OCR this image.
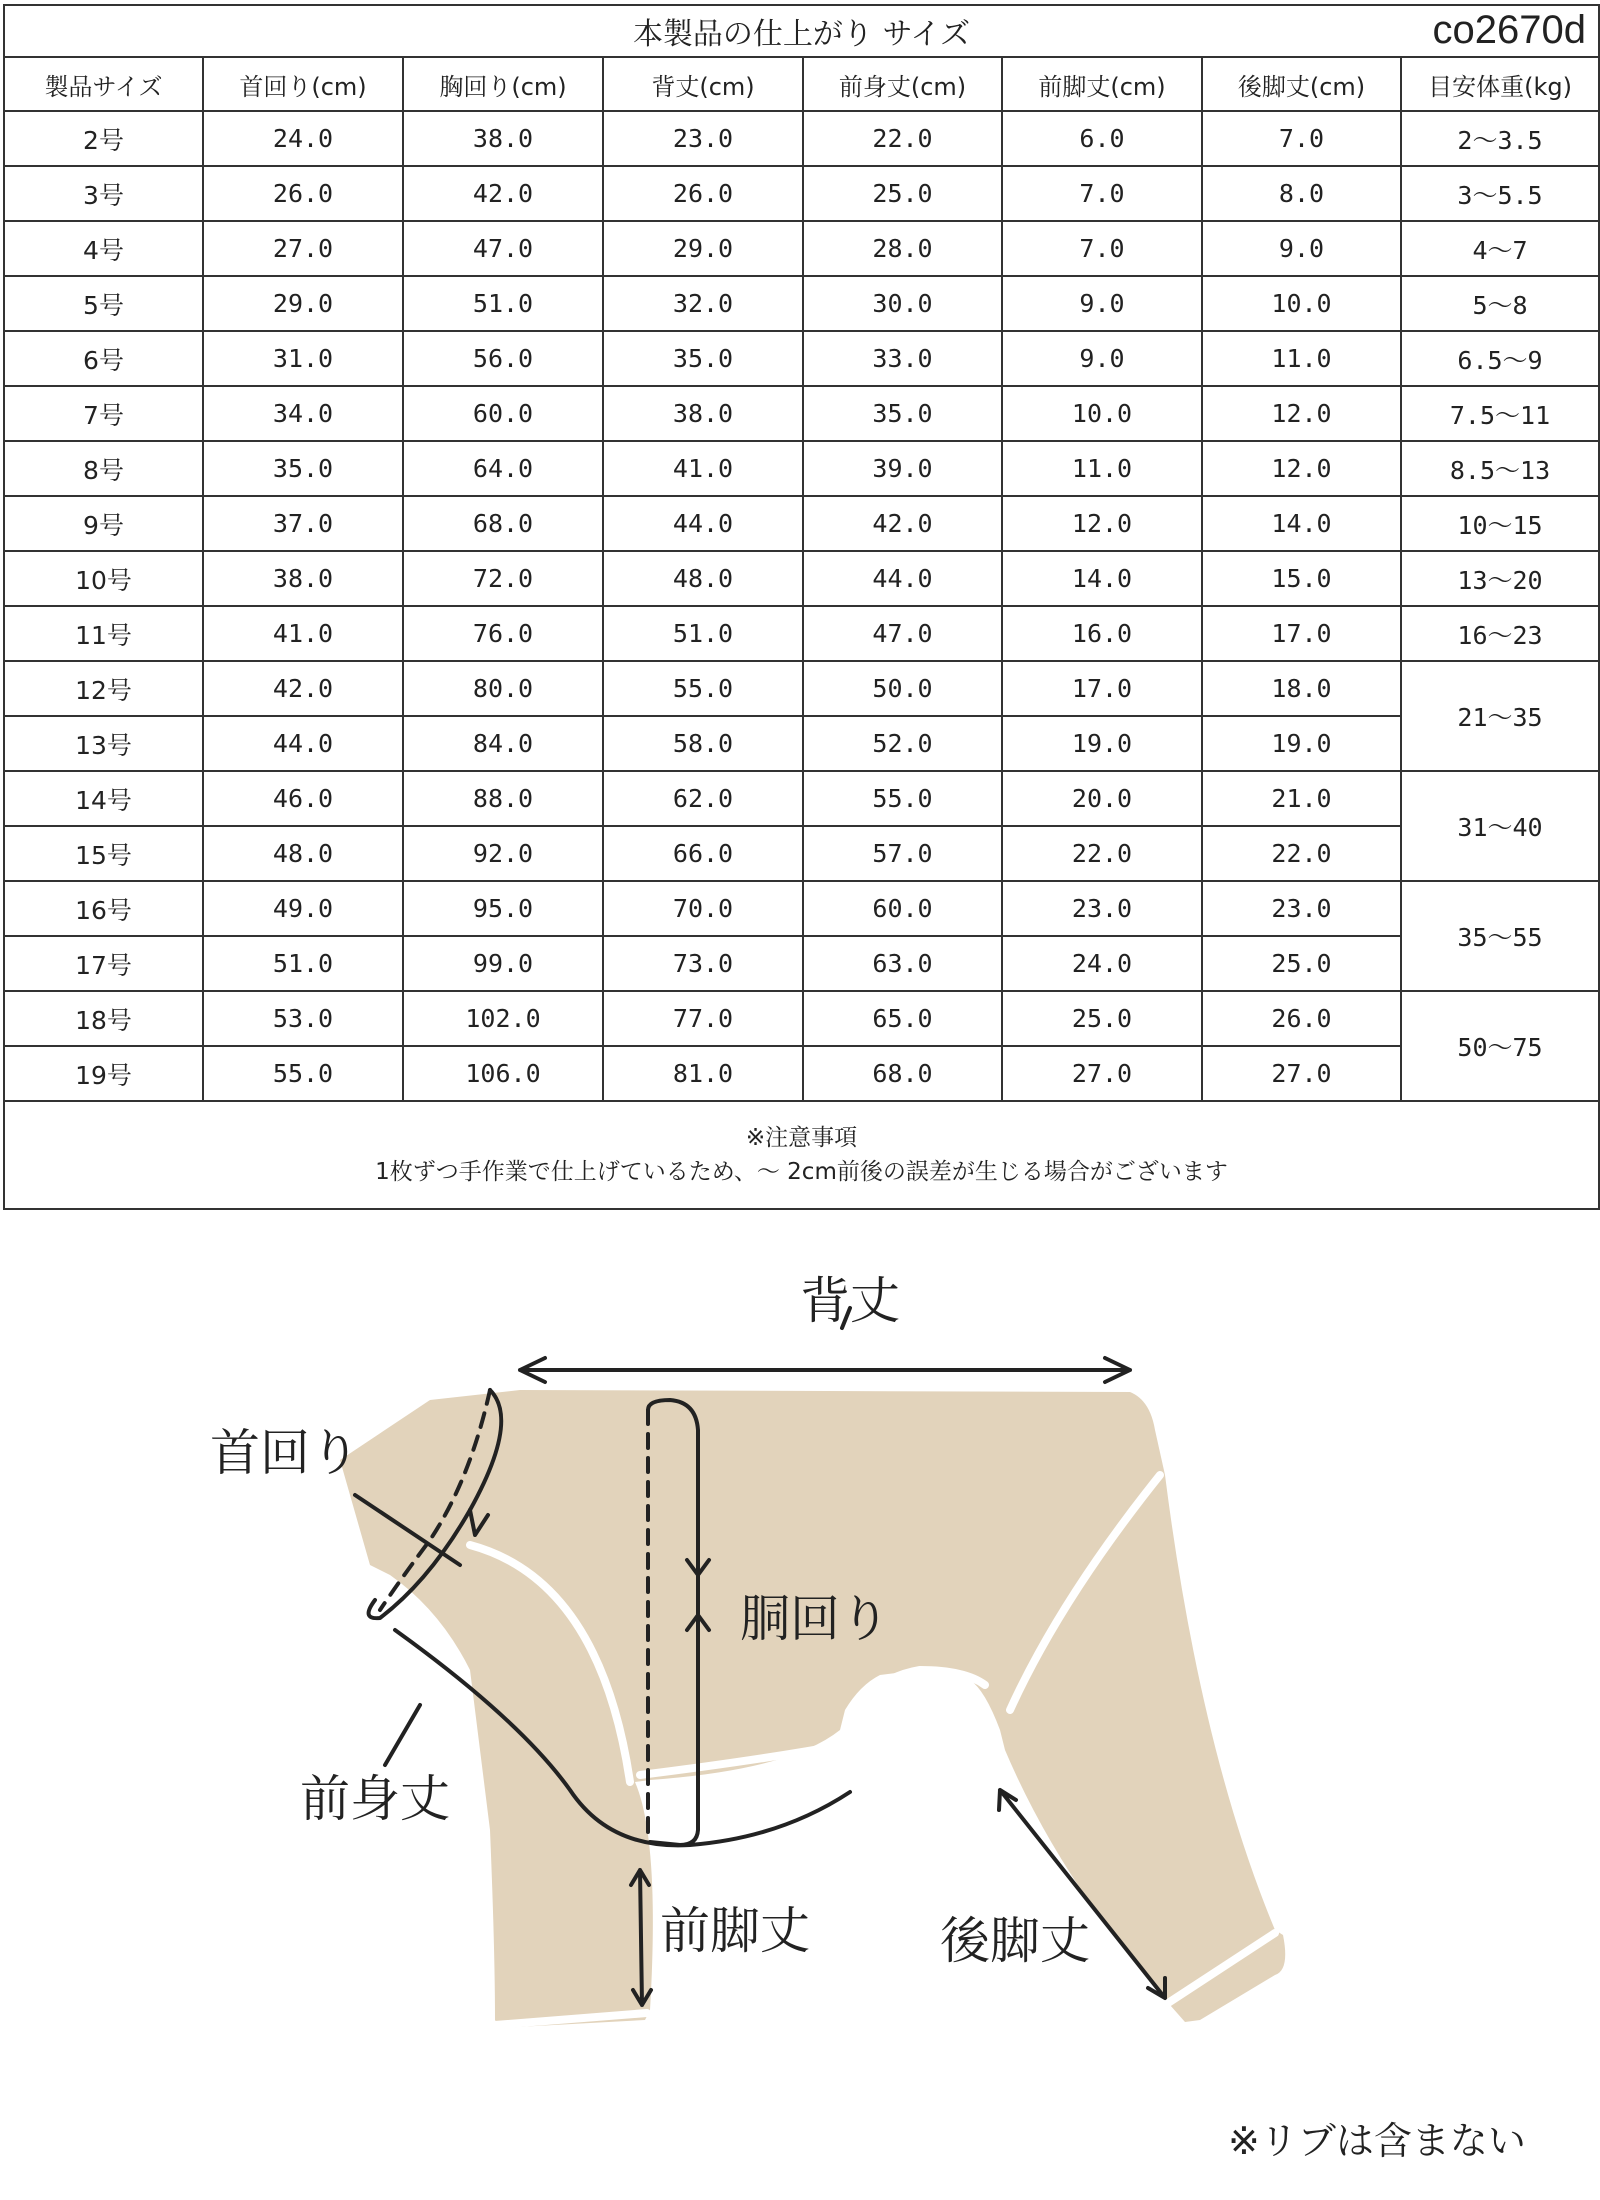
本製品の仕上がり サイズ co2670d							

製品サイズ	首回り(cm)	胸回り(cm)	背丈(cm)	前身丈(cm)	前脚丈(cm)	後脚丈(cm)	目安体重(kg)
2号	24.0	38.0	23.0	22.0	6.0	7.0	2～3.5
3号	26.0	42.0	26.0	25.0	7.0	8.0	3～5.5
4号	27.0	47.0	29.0	28.0	7.0	9.0	4～7
5号	29.0	51.0	32.0	30.0	9.0	10.0	5～8
6号	31.0	56.0	35.0	33.0	9.0	11.0	6.5～9
7号	34.0	60.0	38.0	35.0	10.0	12.0	7.5～11
8号	35.0	64.0	41.0	39.0	11.0	12.0	8.5～13
9号	37.0	68.0	44.0	42.0	12.0	14.0	10～15
10号	38.0	72.0	48.0	44.0	14.0	15.0	13～20
11号	41.0	76.0	51.0	47.0	16.0	17.0	16～23
12号	42.0	80.0	55.0	50.0	17.0	18.0	21～35
13号	44.0	84.0	58.0	52.0	19.0	19.0	
14号	46.0	88.0	62.0	55.0	20.0	21.0	31～40
15号	48.0	92.0	66.0	57.0	22.0	22.0	
16号	49.0	95.0	70.0	60.0	23.0	23.0	35～55
17号	51.0	99.0	73.0	63.0	24.0	25.0	
18号	53.0	102.0	77.0	65.0	25.0	26.0	50～75
19号	55.0	106.0	81.0	68.0	27.0	27.0	

※注意事項
1枚ずつ手作業で仕上げているため、～ 2cm前後の誤差が生じる場合がございます							
背丈
首回り
胴回り
前身丈
前脚丈	後脚丈
※リブは含まない
